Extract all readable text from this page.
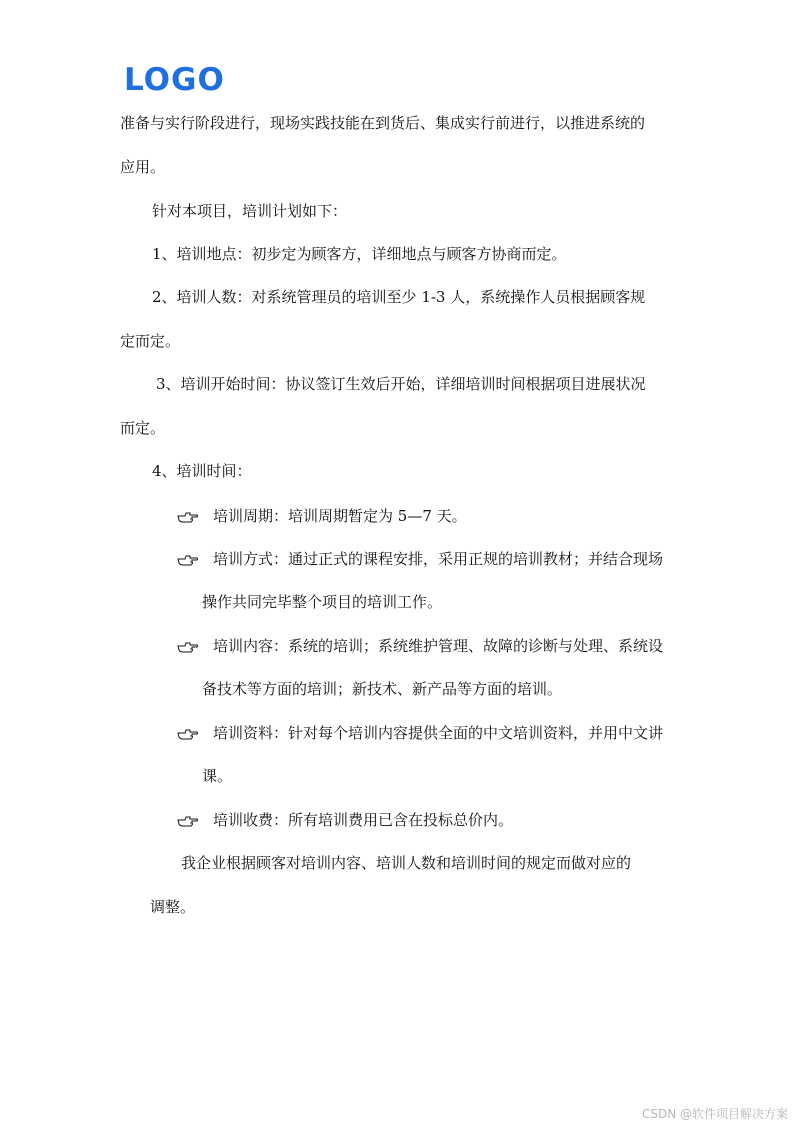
LOGO
准备与实行阶段进行，现场实践技能在到货后、集成实行前进行，以推进系统的
应用。
针对本项目，培训计划如下：
1、培训地点：初步定为顾客方，详细地点与顾客方协商而定。
2、培训人数：对系统管理员的培训至少 1-3 人，系统操作人员根据顾客规
定而定。
3、培训开始时间：协议签订生效后开始，详细培训时间根据项目进展状况
而定。
4、培训时间：
培训周期：培训周期暂定为 5—7 天。
培训方式：通过正式的课程安排，采用正规的培训教材；并结合现场
操作共同完毕整个项目的培训工作。
培训内容：系统的培训；系统维护管理、故障的诊断与处理、系统设
备技术等方面的培训；新技术、新产品等方面的培训。
培训资料：针对每个培训内容提供全面的中文培训资料，并用中文讲
课。
培训收费：所有培训费用已含在投标总价内。
我企业根据顾客对培训内容、培训人数和培训时间的规定而做对应的
调整。
CSDN @软件项目解决方案
